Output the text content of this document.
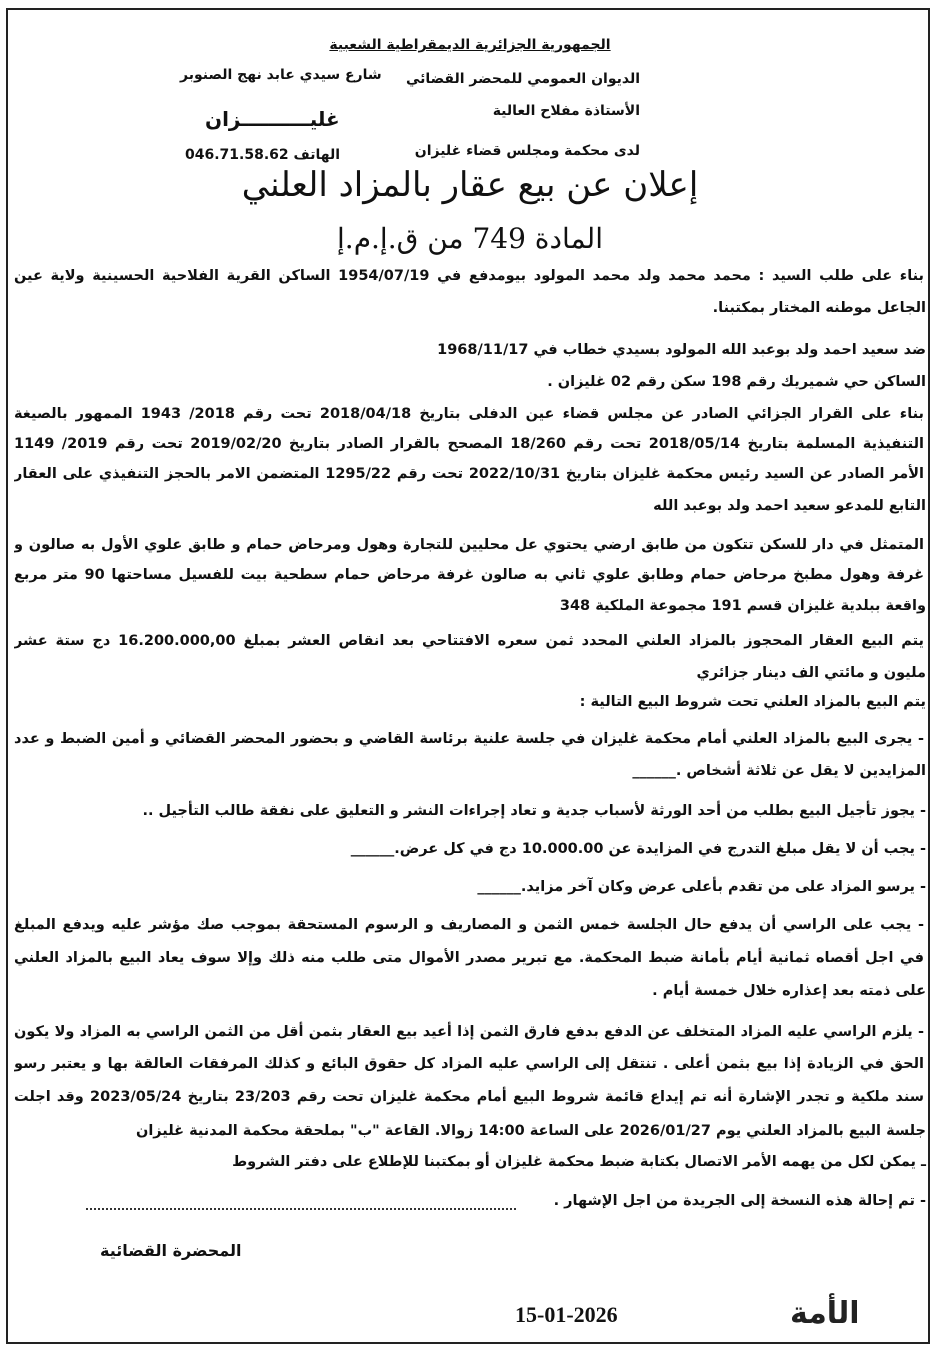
الجمهورية الجزائرية الديمقراطية الشعبية
الديوان العمومي للمحضر القضائي
الأستاذة مفلاح العالية
لدى محكمة ومجلس قضاء غليزان
شارع سيدي عابد نهج الصنوبر
غليــــــــــزان
الهاتف 046.71.58.62
إعلان عن بيع عقار بالمزاد العلني
المادة 749 من ق.إ.م.إ
بناء على طلب السيد : محمد محمد ولد محمد المولود بيومدفع في 1954/07/19 الساكن القرية الفلاحية الحسينية ولاية عين
الجاعل موطنه المختار بمكتبنا.
ضد سعيد احمد ولد بوعبد الله المولود بسيدي خطاب في 1968/11/17
الساكن حي شميريك رقم 198 سكن رقم 02 غليزان .
بناء على القرار الجزائي الصادر عن مجلس قضاء عين الدفلى بتاريخ 2018/04/18 تحت رقم 2018/ 1943 الممهور بالصيغة
التنفيذية المسلمة بتاريخ 2018/05/14 تحت رقم 18/260 المصحح بالقرار الصادر بتاريخ 2019/02/20 تحت رقم 2019/ 1149
الأمر الصادر عن السيد رئيس محكمة غليزان بتاريخ 2022/10/31 تحت رقم 1295/22 المتضمن الامر بالحجز التنفيذي على العقار
التابع للمدعو سعيد احمد ولد بوعبد الله
المتمثل في دار للسكن تتكون من طابق ارضي يحتوي عل محليين للتجارة وهول ومرحاض حمام و طابق علوي الأول به صالون و
غرفة وهول مطبخ مرحاض حمام وطابق علوي ثاني به صالون غرفة مرحاض حمام سطحية بيت للفسيل مساحتها 90 متر مربع
واقعة ببلدية غليزان قسم 191 مجموعة الملكية 348
يتم البيع العقار المحجوز بالمزاد العلني المحدد ثمن سعره الافتتاحي بعد انقاص العشر بمبلغ 16.200.000,00 دج ستة عشر
مليون و مائتي الف دينار جزائري
يتم البيع بالمزاد العلني تحت شروط البيع التالية :
- يجرى البيع بالمزاد العلني أمام محكمة غليزان في جلسة علنية برئاسة القاضي و بحضور المحضر القضائي و أمين الضبط و عدد
المزايدين لا يقل عن ثلاثة أشخاص .______
- يجوز تأجيل البيع بطلب من أحد الورثة لأسباب جدية و تعاد إجراءات النشر و التعليق على نفقة طالب التأجيل ..
- يجب أن لا يقل مبلغ التدرج في المزايدة عن 10.000.00 دج في كل عرض.______
- يرسو المزاد على من تقدم بأعلى عرض وكان آخر مزايد.______
- يجب على الراسي أن يدفع حال الجلسة خمس الثمن و المصاريف و الرسوم المستحقة بموجب صك مؤشر عليه ويدفع المبلغ
في اجل أقصاه ثمانية أيام بأمانة ضبط المحكمة. مع تبرير مصدر الأموال متى طلب منه ذلك وإلا سوف يعاد البيع بالمزاد العلني
على ذمته بعد إعذاره خلال خمسة أيام .
- يلزم الراسي عليه المزاد المتخلف عن الدفع بدفع فارق الثمن إذا أعيد بيع العقار بثمن أقل من الثمن الراسي به المزاد ولا يكون
الحق في الزيادة إذا بيع بثمن أعلى . تنتقل إلى الراسي عليه المزاد كل حقوق البائع و كذلك المرفقات العالقة بها و يعتبر رسو
سند ملكية و تجدر الإشارة أنه تم إيداع قائمة شروط البيع أمام محكمة غليزان تحت رقم 23/203 بتاريخ 2023/05/24 وقد اجلت
جلسة البيع بالمزاد العلني يوم 2026/01/27 على الساعة 14:00 زوالا. القاعة "ب" بملحقة محكمة المدنية غليزان
ـ يمكن لكل من يهمه الأمر الاتصال بكتابة ضبط محكمة غليزان أو بمكتبنا للإطلاع على دفتر الشروط
- تم إحالة هذه النسخة إلى الجريدة من اجل الإشهار .
المحضرة القضائية
15-01-2026	الأمة
